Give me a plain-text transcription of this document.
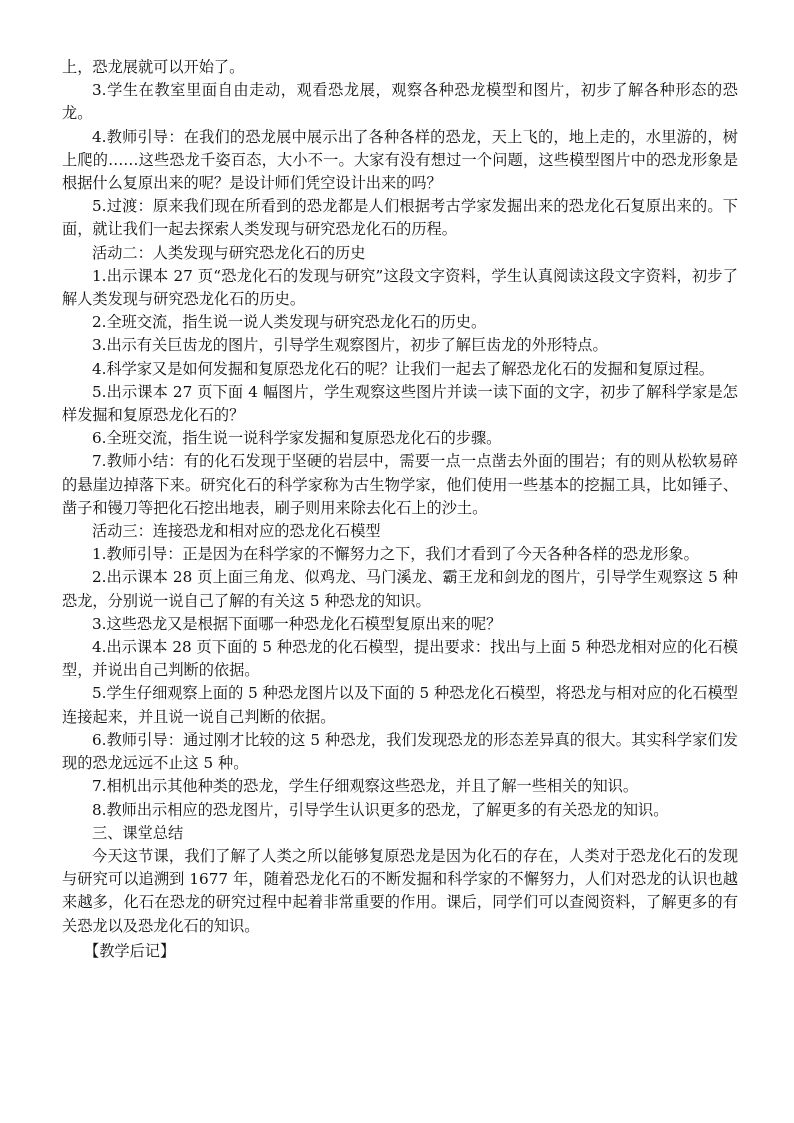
上，恐龙展就可以开始了。

3.学生在教室里面自由走动，观看恐龙展，观察各种恐龙模型和图片，初步了解各种形态的恐龙。

4.教师引导：在我们的恐龙展中展示出了各种各样的恐龙，天上飞的，地上走的，水里游的，树上爬的……这些恐龙千姿百态，大小不一。大家有没有想过一个问题，这些模型图片中的恐龙形象是根据什么复原出来的呢？是设计师们凭空设计出来的吗？

5.过渡：原来我们现在所看到的恐龙都是人们根据考古学家发掘出来的恐龙化石复原出来的。下面，就让我们一起去探索人类发现与研究恐龙化石的历程。

活动二：人类发现与研究恐龙化石的历史

1.出示课本 27 页“恐龙化石的发现与研究”这段文字资料，学生认真阅读这段文字资料，初步了解人类发现与研究恐龙化石的历史。

2.全班交流，指生说一说人类发现与研究恐龙化石的历史。

3.出示有关巨齿龙的图片，引导学生观察图片，初步了解巨齿龙的外形特点。

4.科学家又是如何发掘和复原恐龙化石的呢？让我们一起去了解恐龙化石的发掘和复原过程。

5.出示课本 27 页下面 4 幅图片，学生观察这些图片并读一读下面的文字，初步了解科学家是怎样发掘和复原恐龙化石的？

6.全班交流，指生说一说科学家发掘和复原恐龙化石的步骤。

7.教师小结：有的化石发现于坚硬的岩层中，需要一点一点凿去外面的围岩；有的则从松软易碎的悬崖边掉落下来。研究化石的科学家称为古生物学家，他们使用一些基本的挖掘工具，比如锤子、凿子和镘刀等把化石挖出地表，刷子则用来除去化石上的沙土。

活动三：连接恐龙和相对应的恐龙化石模型

1.教师引导：正是因为在科学家的不懈努力之下，我们才看到了今天各种各样的恐龙形象。

2.出示课本 28 页上面三角龙、似鸡龙、马门溪龙、霸王龙和剑龙的图片，引导学生观察这 5 种恐龙，分别说一说自己了解的有关这 5 种恐龙的知识。

3.这些恐龙又是根据下面哪一种恐龙化石模型复原出来的呢？

4.出示课本 28 页下面的 5 种恐龙的化石模型，提出要求：找出与上面 5 种恐龙相对应的化石模型，并说出自己判断的依据。

5.学生仔细观察上面的 5 种恐龙图片以及下面的 5 种恐龙化石模型，将恐龙与相对应的化石模型连接起来，并且说一说自己判断的依据。

6.教师引导：通过刚才比较的这 5 种恐龙，我们发现恐龙的形态差异真的很大。其实科学家们发现的恐龙远远不止这 5 种。

7.相机出示其他种类的恐龙，学生仔细观察这些恐龙，并且了解一些相关的知识。

8.教师出示相应的恐龙图片，引导学生认识更多的恐龙，了解更多的有关恐龙的知识。

三、课堂总结

今天这节课，我们了解了人类之所以能够复原恐龙是因为化石的存在，人类对于恐龙化石的发现与研究可以追溯到 1677 年，随着恐龙化石的不断发掘和科学家的不懈努力，人们对恐龙的认识也越来越多，化石在恐龙的研究过程中起着非常重要的作用。课后，同学们可以查阅资料，了解更多的有关恐龙以及恐龙化石的知识。

【教学后记】
